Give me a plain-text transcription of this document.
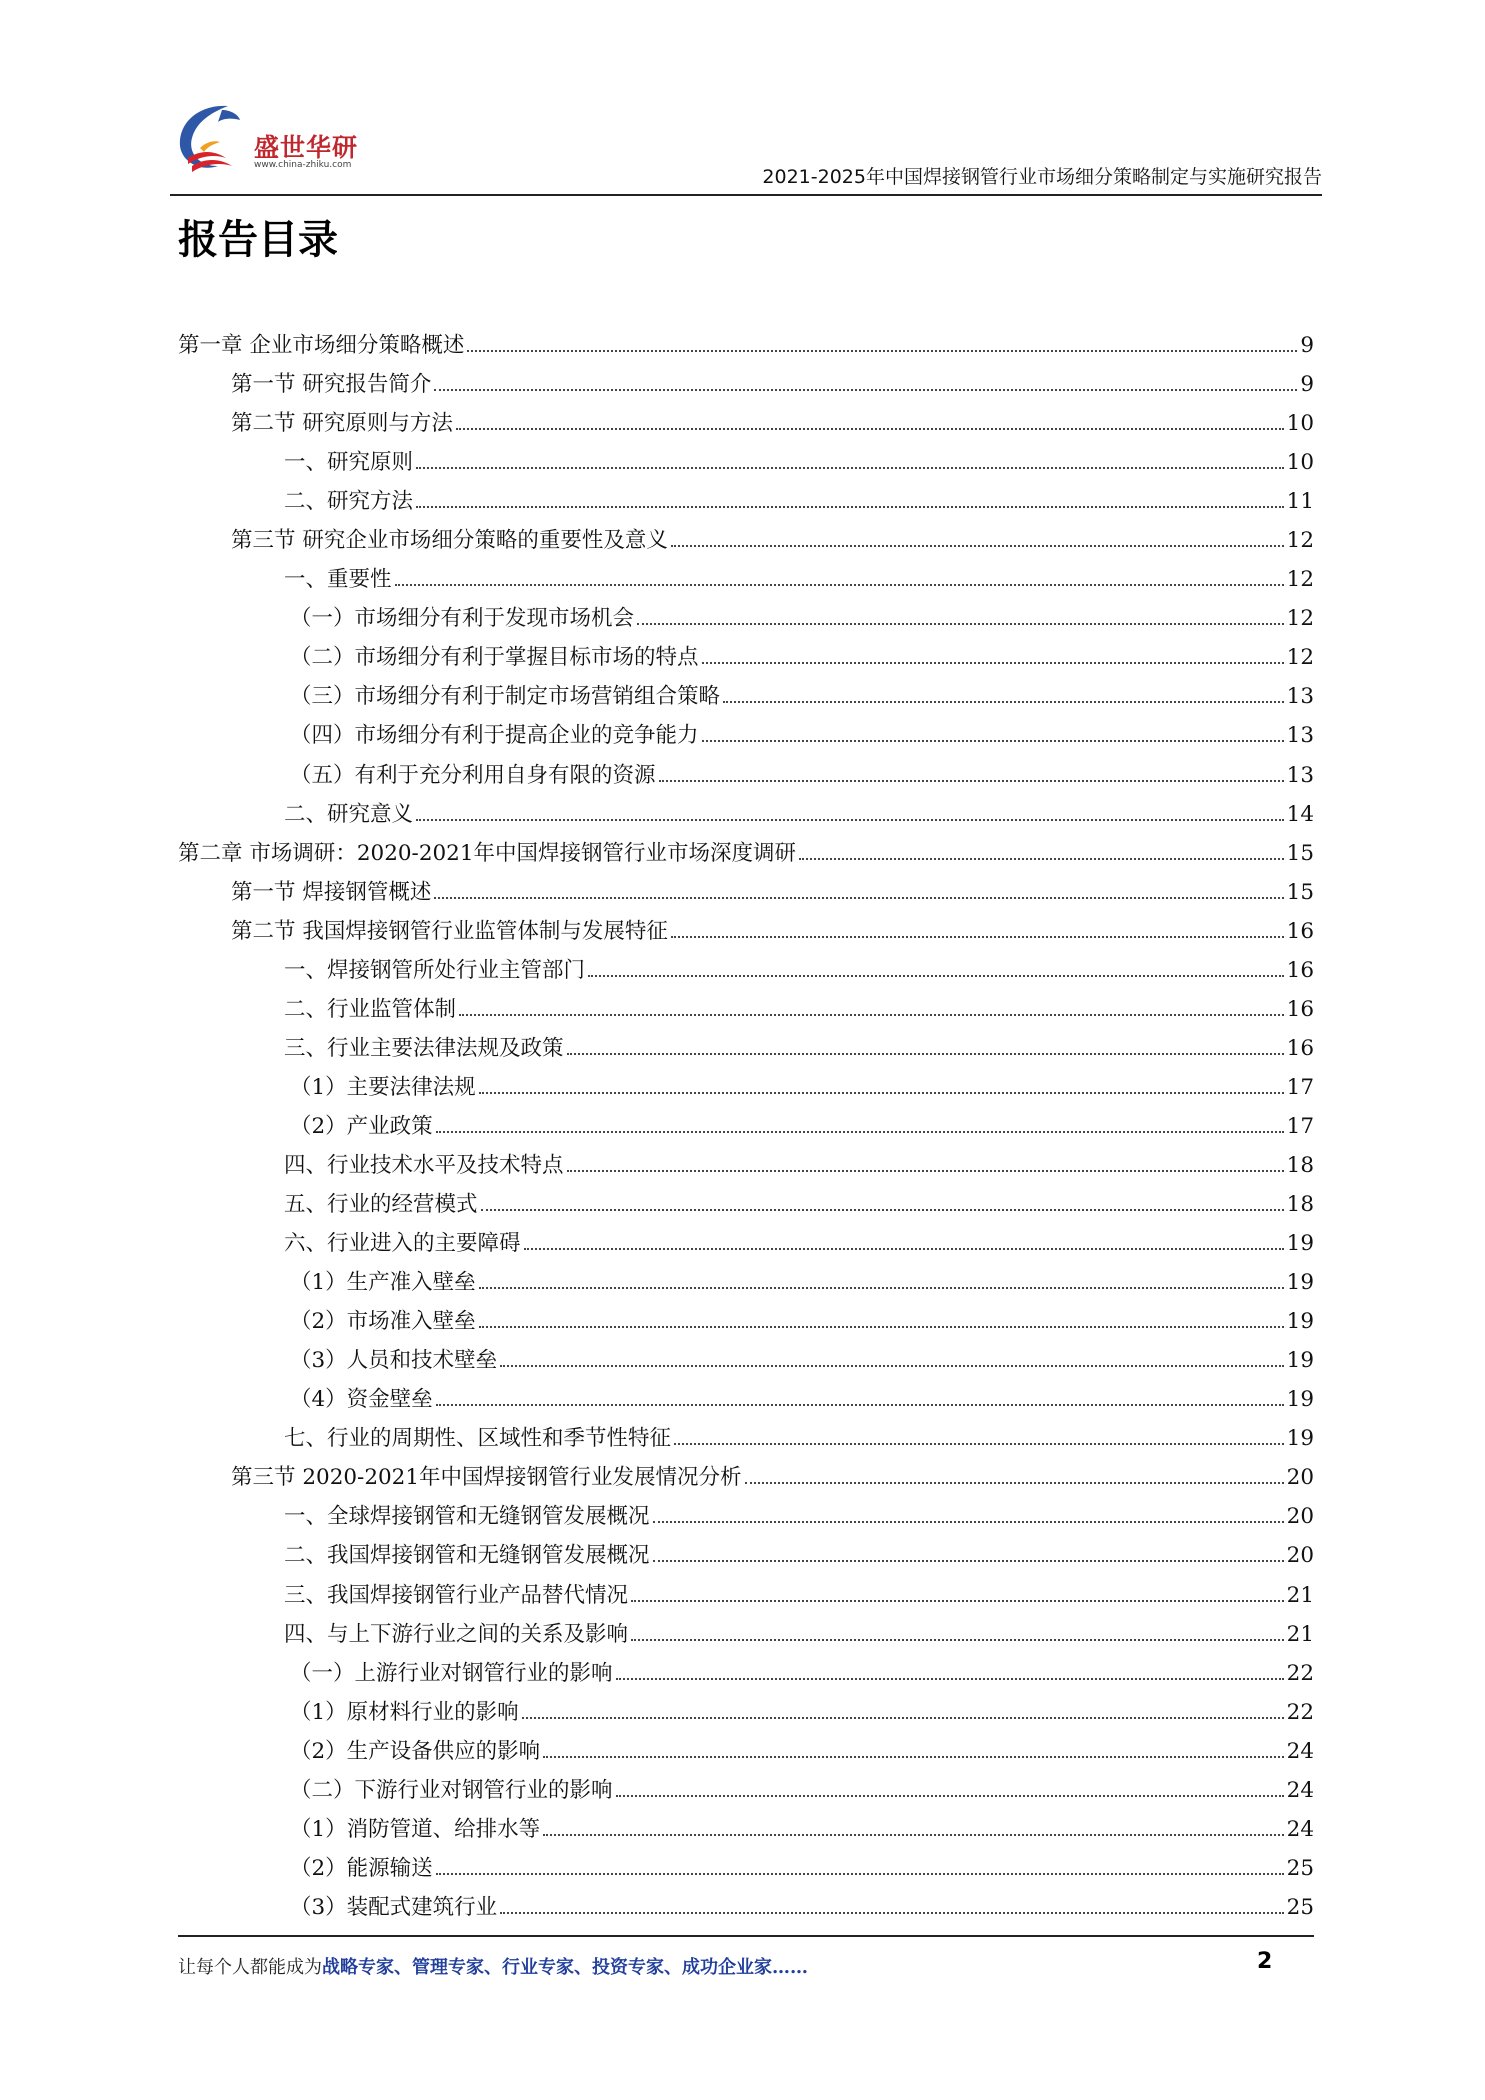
盛世华研
www.china-zhiku.com
2021-2025年中国焊接钢管行业市场细分策略制定与实施研究报告
报告目录
第一章 企业市场细分策略概述	9
第一节 研究报告简介	9
第二节 研究原则与方法	10
一、研究原则	10
二、研究方法	11
第三节 研究企业市场细分策略的重要性及意义	12
一、重要性	12
（一）市场细分有利于发现市场机会	12
（二）市场细分有利于掌握目标市场的特点	12
（三）市场细分有利于制定市场营销组合策略	13
（四）市场细分有利于提高企业的竞争能力	13
（五）有利于充分利用自身有限的资源	13
二、研究意义	14
第二章 市场调研：2020-2021年中国焊接钢管行业市场深度调研	15
第一节 焊接钢管概述	15
第二节 我国焊接钢管行业监管体制与发展特征	16
一、焊接钢管所处行业主管部门	16
二、行业监管体制	16
三、行业主要法律法规及政策	16
（1）主要法律法规	17
（2）产业政策	17
四、行业技术水平及技术特点	18
五、行业的经营模式	18
六、行业进入的主要障碍	19
（1）生产准入壁垒	19
（2）市场准入壁垒	19
（3）人员和技术壁垒	19
（4）资金壁垒	19
七、行业的周期性、区域性和季节性特征	19
第三节 2020-2021年中国焊接钢管行业发展情况分析	20
一、全球焊接钢管和无缝钢管发展概况	20
二、我国焊接钢管和无缝钢管发展概况	20
三、我国焊接钢管行业产品替代情况	21
四、与上下游行业之间的关系及影响	21
（一）上游行业对钢管行业的影响	22
（1）原材料行业的影响	22
（2）生产设备供应的影响	24
（二）下游行业对钢管行业的影响	24
（1）消防管道、给排水等	24
（2）能源输送	25
（3）装配式建筑行业	25
让每个人都能成为战略专家、管理专家、行业专家、投资专家、成功企业家……	2
